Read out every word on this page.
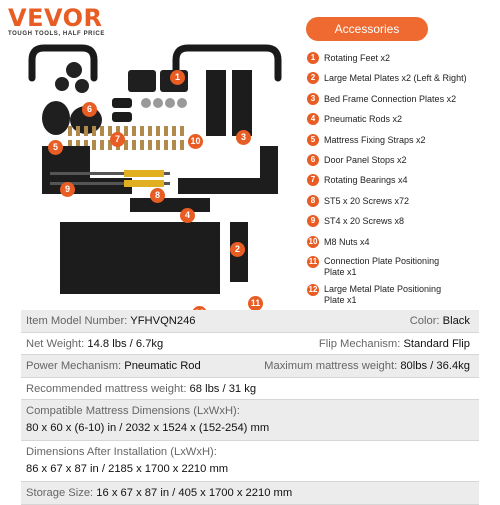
VEVOR
TOUGH TOOLS, HALF PRICE	Accessories
1 Rotating Feet x2
2 Large Metal Plates x2 (Left & Right)
3 Bed Frame Connection Plates x2
4 Pneumatic Rods x2
5 Mattress Fixing Straps x2
6 Door Panel Stops x2
7 Rotating Bearings x4
8 ST5 x 20 Screws x72
9 ST4 x 20 Screws x8
10 M8 Nuts x4
11 Connection Plate Positioning
Plate x1
12 Large Metal Plate Positioning
Plate x1
1
2
3
4
5
6
7
8
9
10
11
Item Model Number: YFHVQN246	Color: Black
Net Weight: 14.8 lbs / 6.7kg	Flip Mechanism: Standard Flip
Power Mechanism: Pneumatic Rod	Maximum mattress weight: 80lbs / 36.4kg
Recommended mattress weight: 68 lbs / 31 kg
Compatible Mattress Dimensions (LxWxH):
80 x 60 x (6-10) in / 2032 x 1524 x (152-254) mm
Dimensions After Installation (LxWxH):
86 x 67 x 87 in / 2185 x 1700 x 2210 mm
Storage Size: 16 x 67 x 87 in / 405 x 1700 x 2210 mm
